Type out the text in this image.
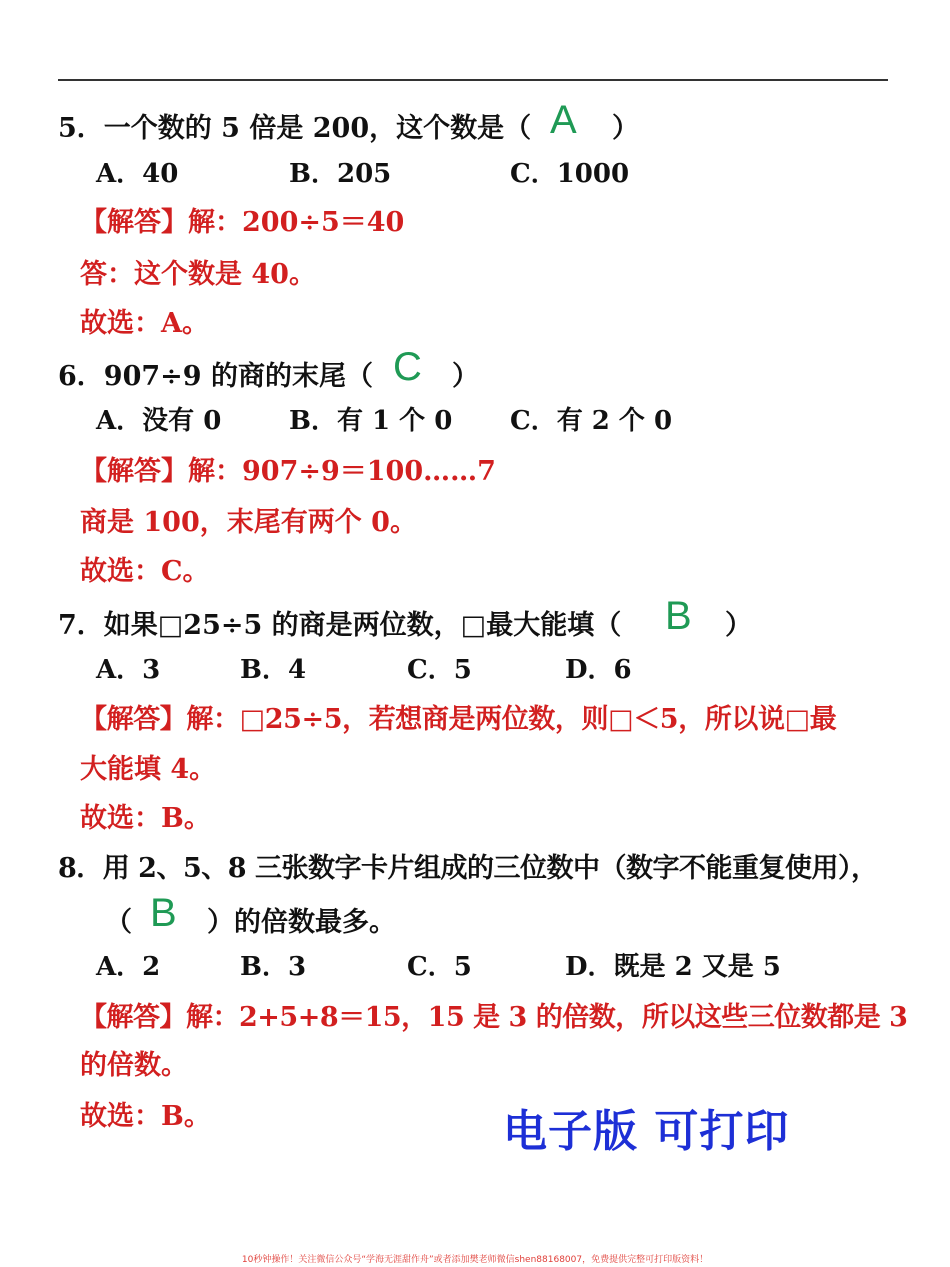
5．一个数的 5 倍是 200，这个数是（ A ）
A．40	B．205	C．1000
【解答】解：200÷5＝40
答：这个数是 40。
故选：A。
6．907÷9 的商的末尾（ C ）
A．没有 0	B．有 1 个 0 C．有 2 个 0
【解答】解：907÷9＝100……7
商是 100，末尾有两个 0。
故选：C。
7．如果□25÷5 的商是两位数，□最大能填（ B ）
A．3	B．4	C．5	D．6
【解答】解：□25÷5，若想商是两位数，则□＜5，所以说□最
大能填 4。
故选：B。
8．用 2、5、8 三张数字卡片组成的三位数中（数字不能重复使用），
（ B ）的倍数最多。
A．2	B．3	C．5	D．既是 2 又是 5
【解答】解：2+5+8＝15，15 是 3 的倍数，所以这些三位数都是 3
的倍数。
故选：B。	电子版 可打印
10秒钟操作！关注微信公众号“学海无涯甜作舟”或者添加樊老师微信shen88168007，免费提供完整可打印版资料！
